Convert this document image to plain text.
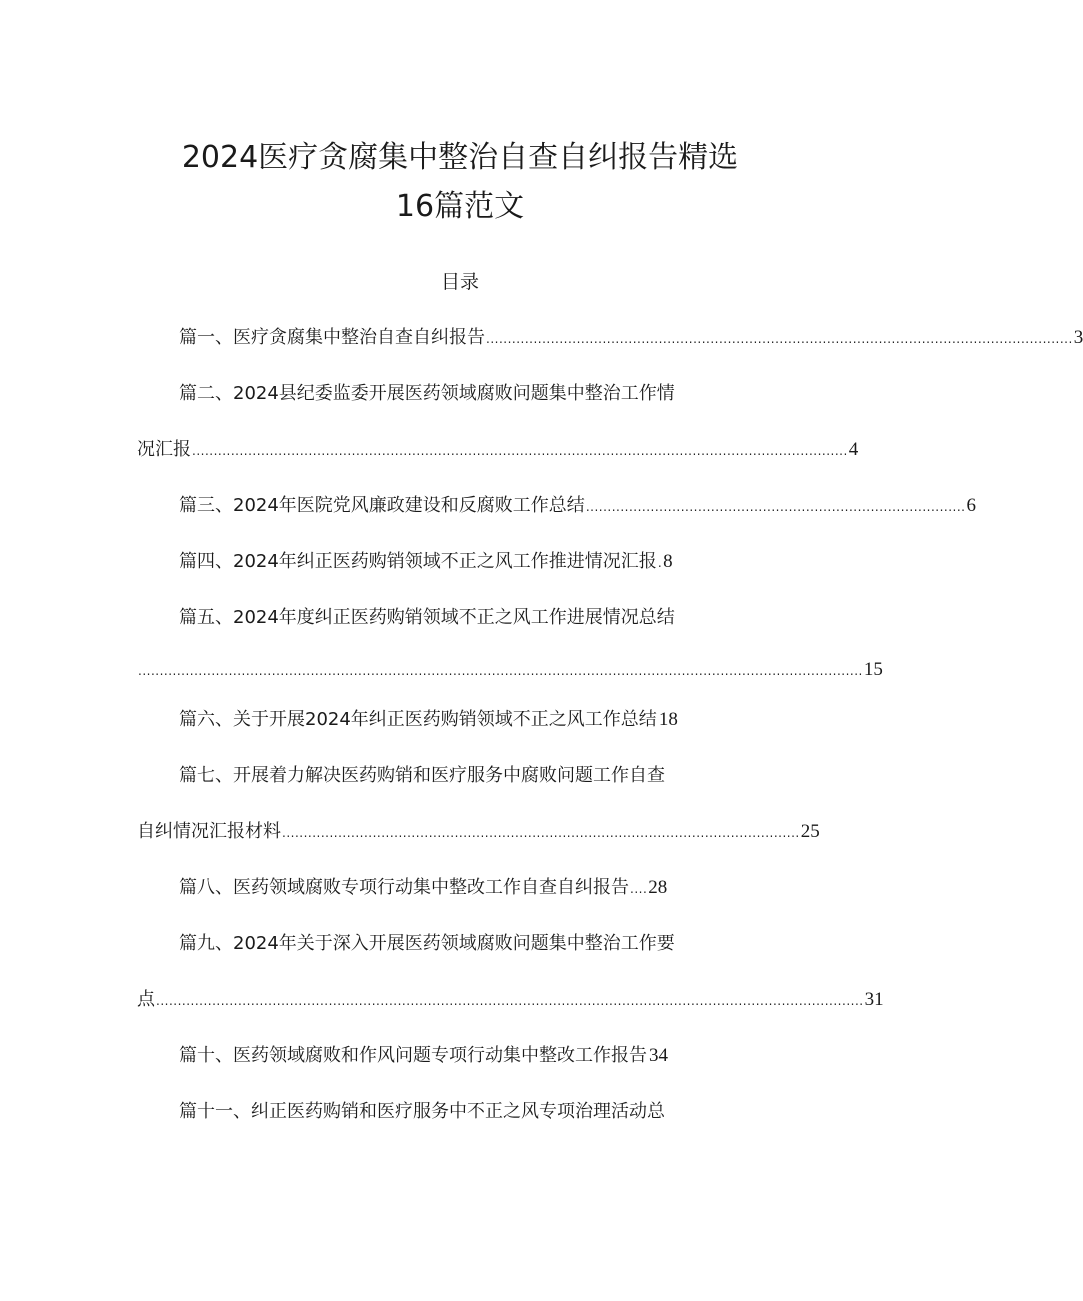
2024医疗贪腐集中整治自查自纠报告精选
16篇范文
目录
篇一、医疗贪腐集中整治自查自纠报告 ........................................................................................................................................ 3
篇二、2024县纪委监委开展医药领域腐败问题集中整治工作情
况汇报 ........................................................................................................................................................ 4
篇三、2024年医院党风廉政建设和反腐败工作总结 ........................................................................................ 6
篇四、2024年纠正医药购销领域不正之风工作推进情况汇报 . 8
篇五、2024年度纠正医药购销领域不正之风工作进展情况总结
........................................................................................................................................................................ 15
篇六、关于开展2024年纠正医药购销领域不正之风工作总结 18
篇七、开展着力解决医药购销和医疗服务中腐败问题工作自查
自纠情况汇报材料 ........................................................................................................................ 25
篇八、医药领域腐败专项行动集中整改工作自查自纠报告 .... 28
篇九、2024年关于深入开展医药领域腐败问题集中整治工作要
点 .................................................................................................................................................................... 31
篇十、医药领域腐败和作风问题专项行动集中整改工作报告 34
篇十一、纠正医药购销和医疗服务中不正之风专项治理活动总
